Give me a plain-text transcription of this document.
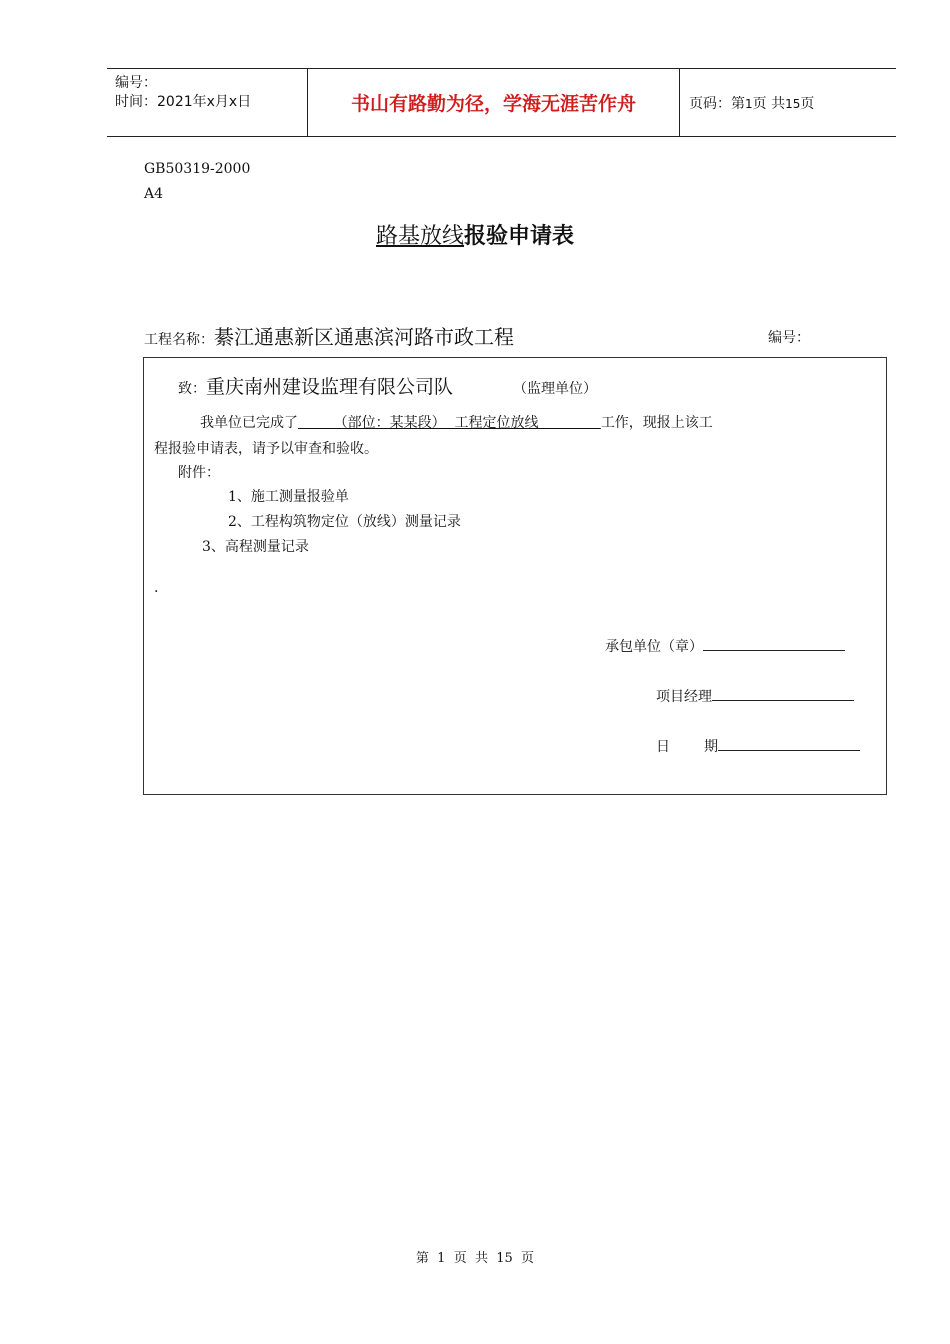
编号：
时间：2021年x月x日	书山有路勤为径，学海无涯苦作舟	页码：第1页 共15页
GB50319-2000
A4
路基放线报验申请表
工程名称：綦江通惠新区通惠滨河路市政工程	编号：
致：重庆南州建设监理有限公司队	（监理单位）
我单位已完成了        （部位：某某段）  工程定位放线              工作，现报上该工
程报验申请表，请予以审查和验收。
附件：
1、施工测量报验单
2、工程构筑物定位（放线）测量记录
3、高程测量记录
.
承包单位（章）
项目经理
日 期
第  1  页  共  15  页
